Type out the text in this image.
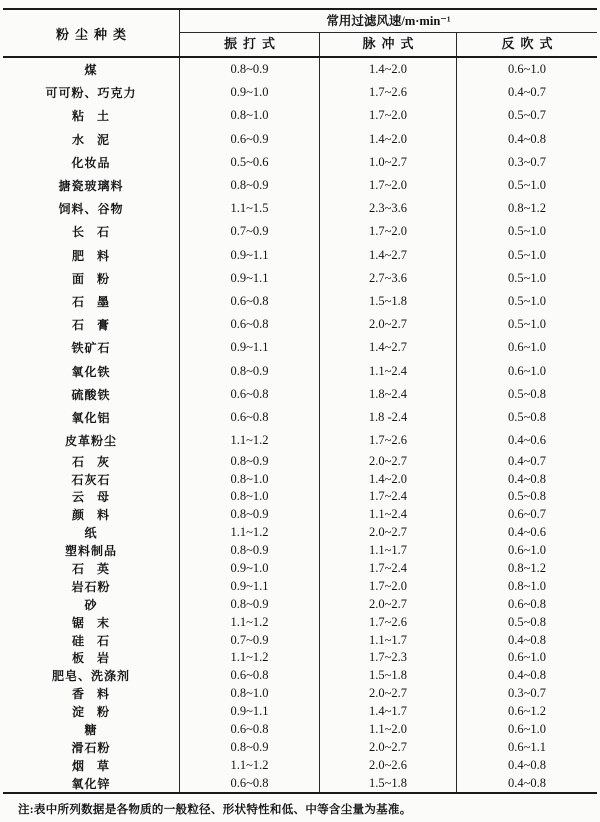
粉尘种类
常用过滤风速/m·min⁻¹
振打式	脉冲式	反吹式
煤	0.8~0.9	1.4~2.0	0.6~1.0
可可粉、巧克力	0.9~1.0	1.7~2.6	0.4~0.7
粘 土	0.8~1.0	1.7~2.0	0.5~0.7
水 泥	0.6~0.9	1.4~2.0	0.4~0.8
化妆品	0.5~0.6	1.0~2.7	0.3~0.7
搪瓷玻璃料	0.8~0.9	1.7~2.0	0.5~1.0
饲料、谷物	1.1~1.5	2.3~3.6	0.8~1.2
长 石	0.7~0.9	1.7~2.0	0.5~1.0
肥 料	0.9~1.1	1.4~2.7	0.5~1.0
面 粉	0.9~1.1	2.7~3.6	0.5~1.0
石 墨	0.6~0.8	1.5~1.8	0.5~1.0
石 膏	0.6~0.8	2.0~2.7	0.5~1.0
铁矿石	0.9~1.1	1.4~2.7	0.6~1.0
氧化铁	0.8~0.9	1.1~2.4	0.6~1.0
硫酸铁	0.6~0.8	1.8~2.4	0.5~0.8
氧化铝	0.6~0.8	1.8 -2.4	0.5~0.8
皮革粉尘	1.1~1.2	1.7~2.6	0.4~0.6
石 灰	0.8~0.9	2.0~2.7	0.4~0.7
石灰石	0.8~1.0	1.4~2.0	0.4~0.8
云 母	0.8~1.0	1.7~2.4	0.5~0.8
颜 料	0.8~0.9	1.1~2.4	0.6~0.7
纸	1.1~1.2	2.0~2.7	0.4~0.6
塑料制品	0.8~0.9	1.1~1.7	0.6~1.0
石 英	0.9~1.0	1.7~2.4	0.8~1.2
岩石粉	0.9~1.1	1.7~2.0	0.8~1.0
砂	0.8~0.9	2.0~2.7	0.6~0.8
锯 末	1.1~1.2	1.7~2.6	0.5~0.8
硅 石	0.7~0.9	1.1~1.7	0.4~0.8
板 岩	1.1~1.2	1.7~2.3	0.6~1.0
肥皂、洗涤剂	0.6~0.8	1.5~1.8	0.4~0.8
香 料	0.8~1.0	2.0~2.7	0.3~0.7
淀 粉	0.9~1.1	1.4~1.7	0.6~1.2
糖	0.6~0.8	1.1~2.0	0.6~1.0
滑石粉	0.8~0.9	2.0~2.7	0.6~1.1
烟 草	1.1~1.2	2.0~2.6	0.4~0.8
氧化锌	0.6~0.8	1.5~1.8	0.4~0.8
注:表中所列数据是各物质的一般粒径、形状特性和低、中等含尘量为基准。
